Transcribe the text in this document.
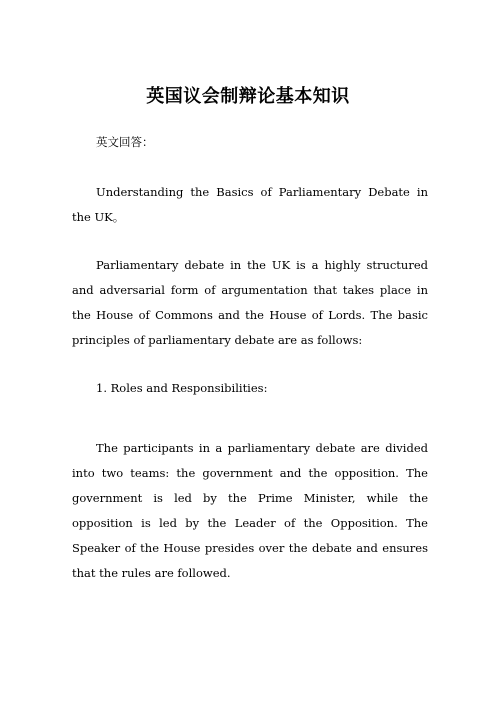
英国议会制辩论基本知识

英文回答：

Understanding the Basics of Parliamentary Debate in the UK。

Parliamentary debate in the UK is a highly structured and adversarial form of argumentation that takes place in the House of Commons and the House of Lords. The basic principles of parliamentary debate are as follows:

1. Roles and Responsibilities:

The participants in a parliamentary debate are divided into two teams: the government and the opposition. The government is led by the Prime Minister, while the opposition is led by the Leader of the Opposition. The Speaker of the House presides over the debate and ensures that the rules are followed.
